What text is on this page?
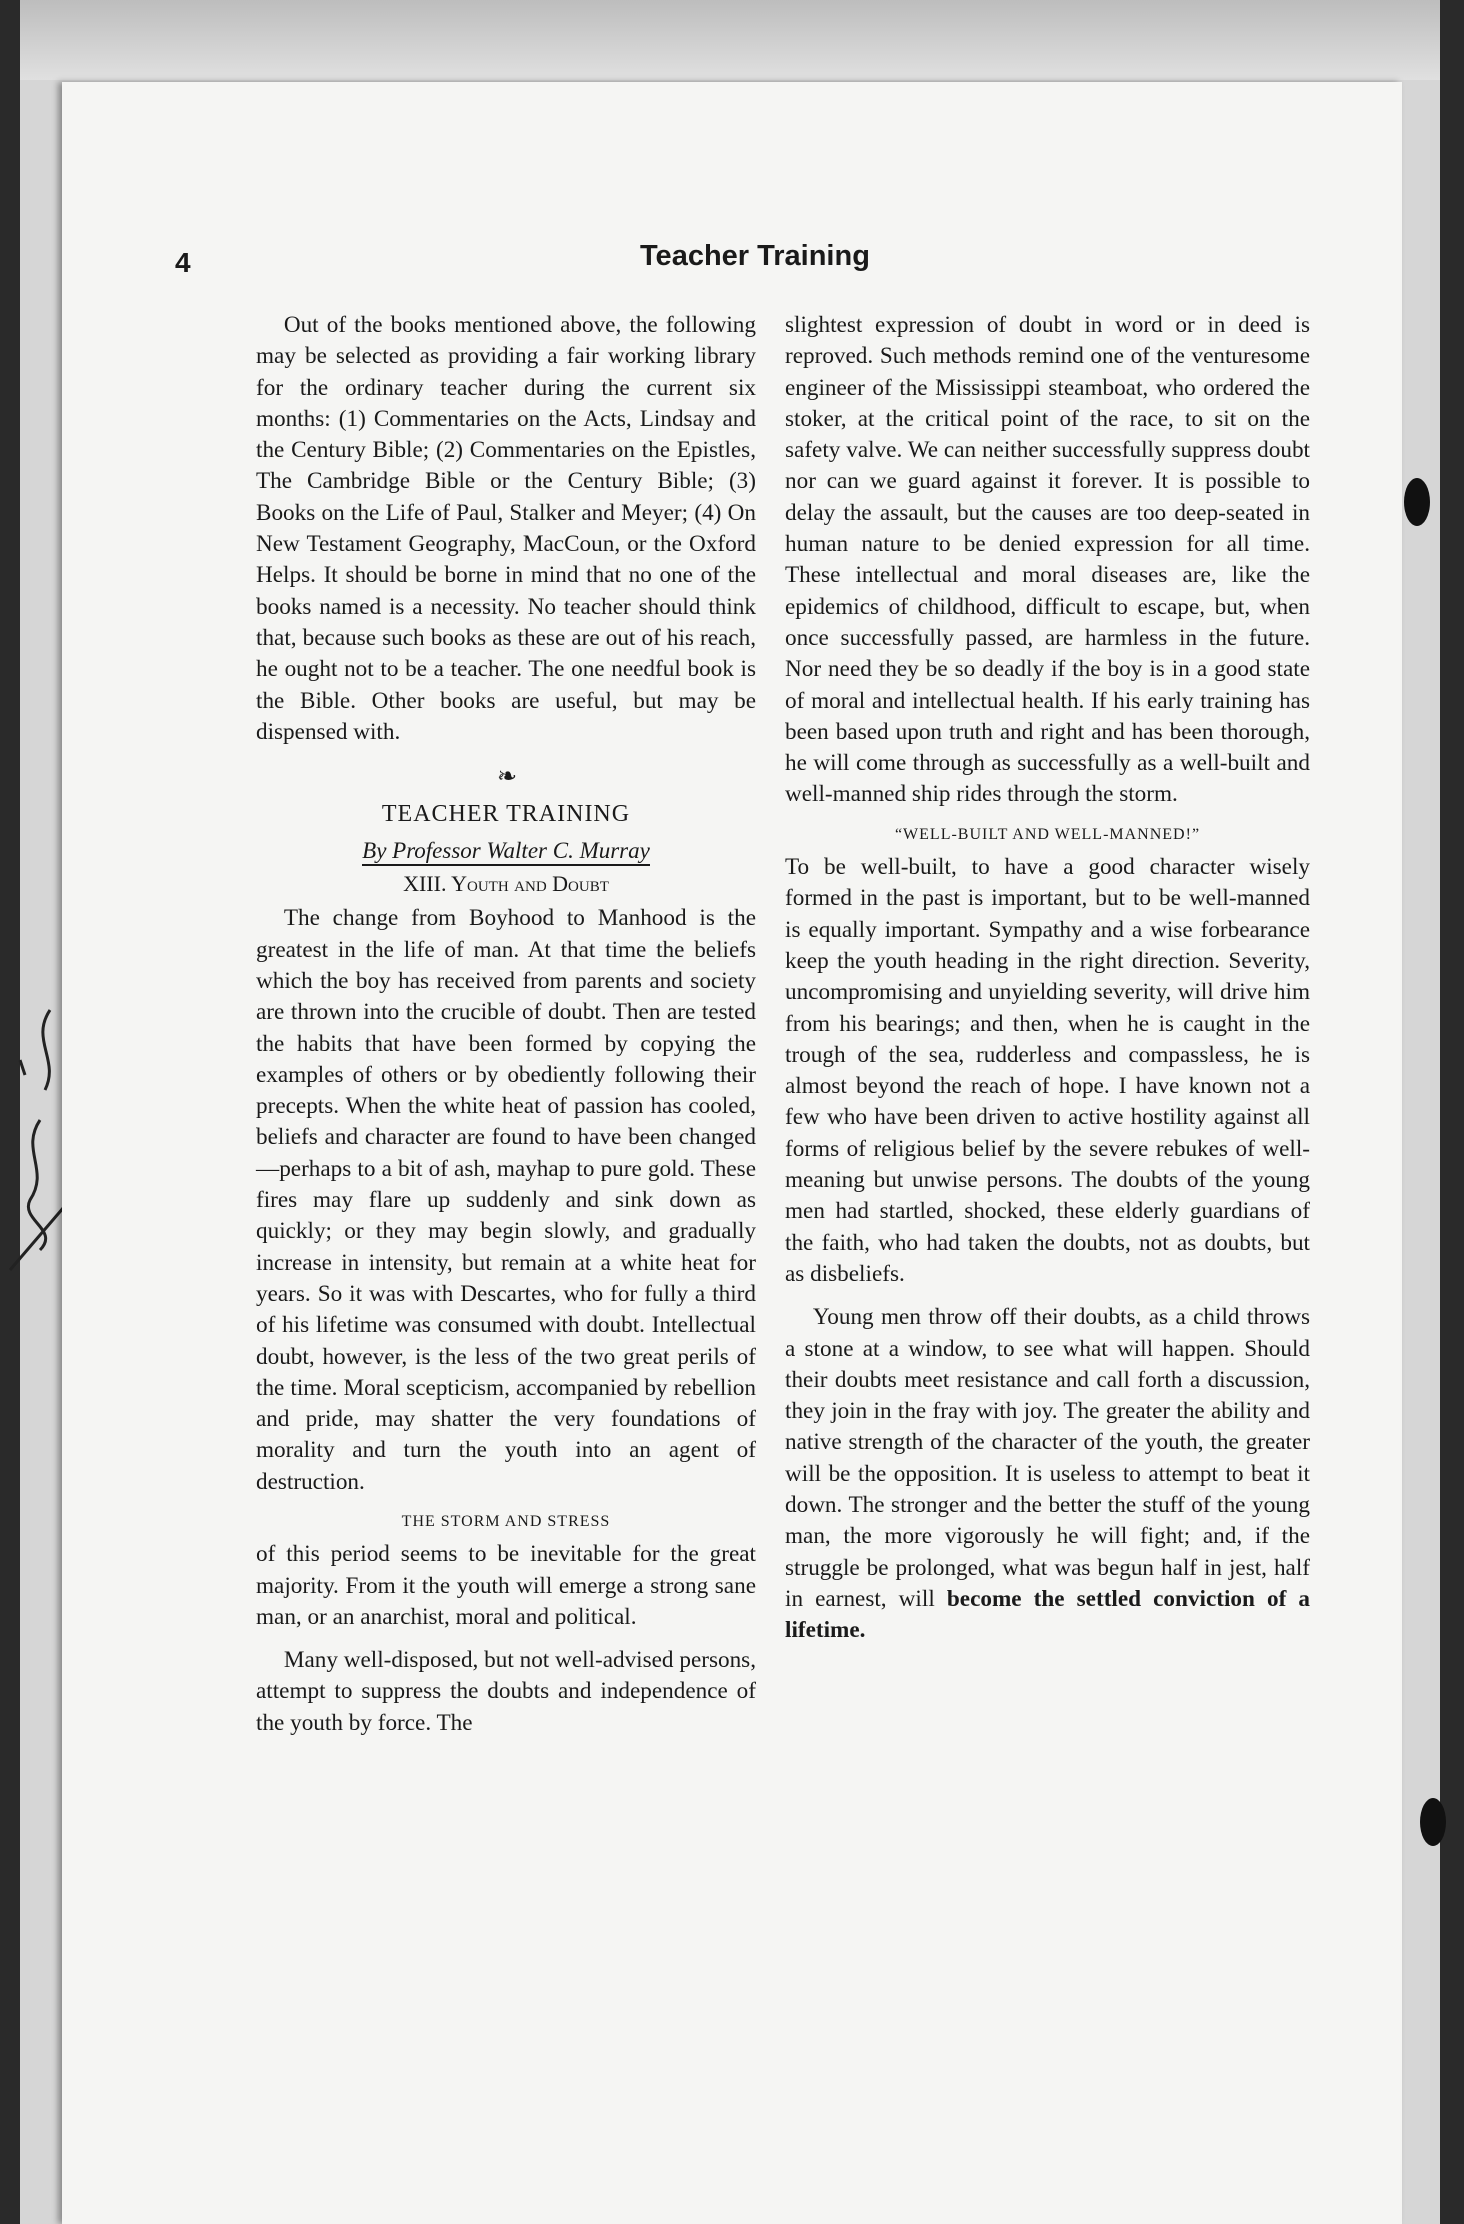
4	Teacher Training

Out of the books mentioned above, the following may be selected as providing a fair working library for the ordinary teacher during the current six months: (1) Commentaries on the Acts, Lindsay and the Century Bible; (2) Commentaries on the Epistles, The Cambridge Bible or the Century Bible; (3) Books on the Life of Paul, Stalker and Meyer; (4) On New Testament Geography, MacCoun, or the Oxford Helps. It should be borne in mind that no one of the books named is a necessity. No teacher should think that, because such books as these are out of his reach, he ought not to be a teacher. The one needful book is the Bible. Other books are useful, but may be dispensed with.

❧
TEACHER TRAINING
By Professor Walter C. Murray
XIII. Youth and Doubt

The change from Boyhood to Manhood is the greatest in the life of man. At that time the beliefs which the boy has received from parents and society are thrown into the crucible of doubt. Then are tested the habits that have been formed by copying the examples of others or by obediently following their precepts. When the white heat of passion has cooled, beliefs and character are found to have been changed—perhaps to a bit of ash, mayhap to pure gold. These fires may flare up suddenly and sink down as quickly; or they may begin slowly, and gradually increase in intensity, but remain at a white heat for years. So it was with Descartes, who for fully a third of his lifetime was consumed with doubt. Intellectual doubt, however, is the less of the two great perils of the time. Moral scepticism, accompanied by rebellion and pride, may shatter the very foundations of morality and turn the youth into an agent of destruction.

THE STORM AND STRESS

of this period seems to be inevitable for the great majority. From it the youth will emerge a strong sane man, or an anarchist, moral and political.

Many well-disposed, but not well-advised persons, attempt to suppress the doubts and independence of the youth by force. The

slightest expression of doubt in word or in deed is reproved. Such methods remind one of the venturesome engineer of the Mississippi steamboat, who ordered the stoker, at the critical point of the race, to sit on the safety valve. We can neither successfully suppress doubt nor can we guard against it forever. It is possible to delay the assault, but the causes are too deep-seated in human nature to be denied expression for all time. These intellectual and moral diseases are, like the epidemics of childhood, difficult to escape, but, when once successfully passed, are harmless in the future. Nor need they be so deadly if the boy is in a good state of moral and intellectual health. If his early training has been based upon truth and right and has been thorough, he will come through as successfully as a well-built and well-manned ship rides through the storm.

“WELL-BUILT AND WELL-MANNED!”

To be well-built, to have a good character wisely formed in the past is important, but to be well-manned is equally important. Sympathy and a wise forbearance keep the youth heading in the right direction. Severity, uncompromising and unyielding severity, will drive him from his bearings; and then, when he is caught in the trough of the sea, rudderless and compassless, he is almost beyond the reach of hope. I have known not a few who have been driven to active hostility against all forms of religious belief by the severe rebukes of well-meaning but unwise persons. The doubts of the young men had startled, shocked, these elderly guardians of the faith, who had taken the doubts, not as doubts, but as disbeliefs.

Young men throw off their doubts, as a child throws a stone at a window, to see what will happen. Should their doubts meet resistance and call forth a discussion, they join in the fray with joy. The greater the ability and native strength of the character of the youth, the greater will be the opposition. It is useless to attempt to beat it down. The stronger and the better the stuff of the young man, the more vigorously he will fight; and, if the struggle be prolonged, what was begun half in jest, half in earnest, will become the settled conviction of a lifetime.
